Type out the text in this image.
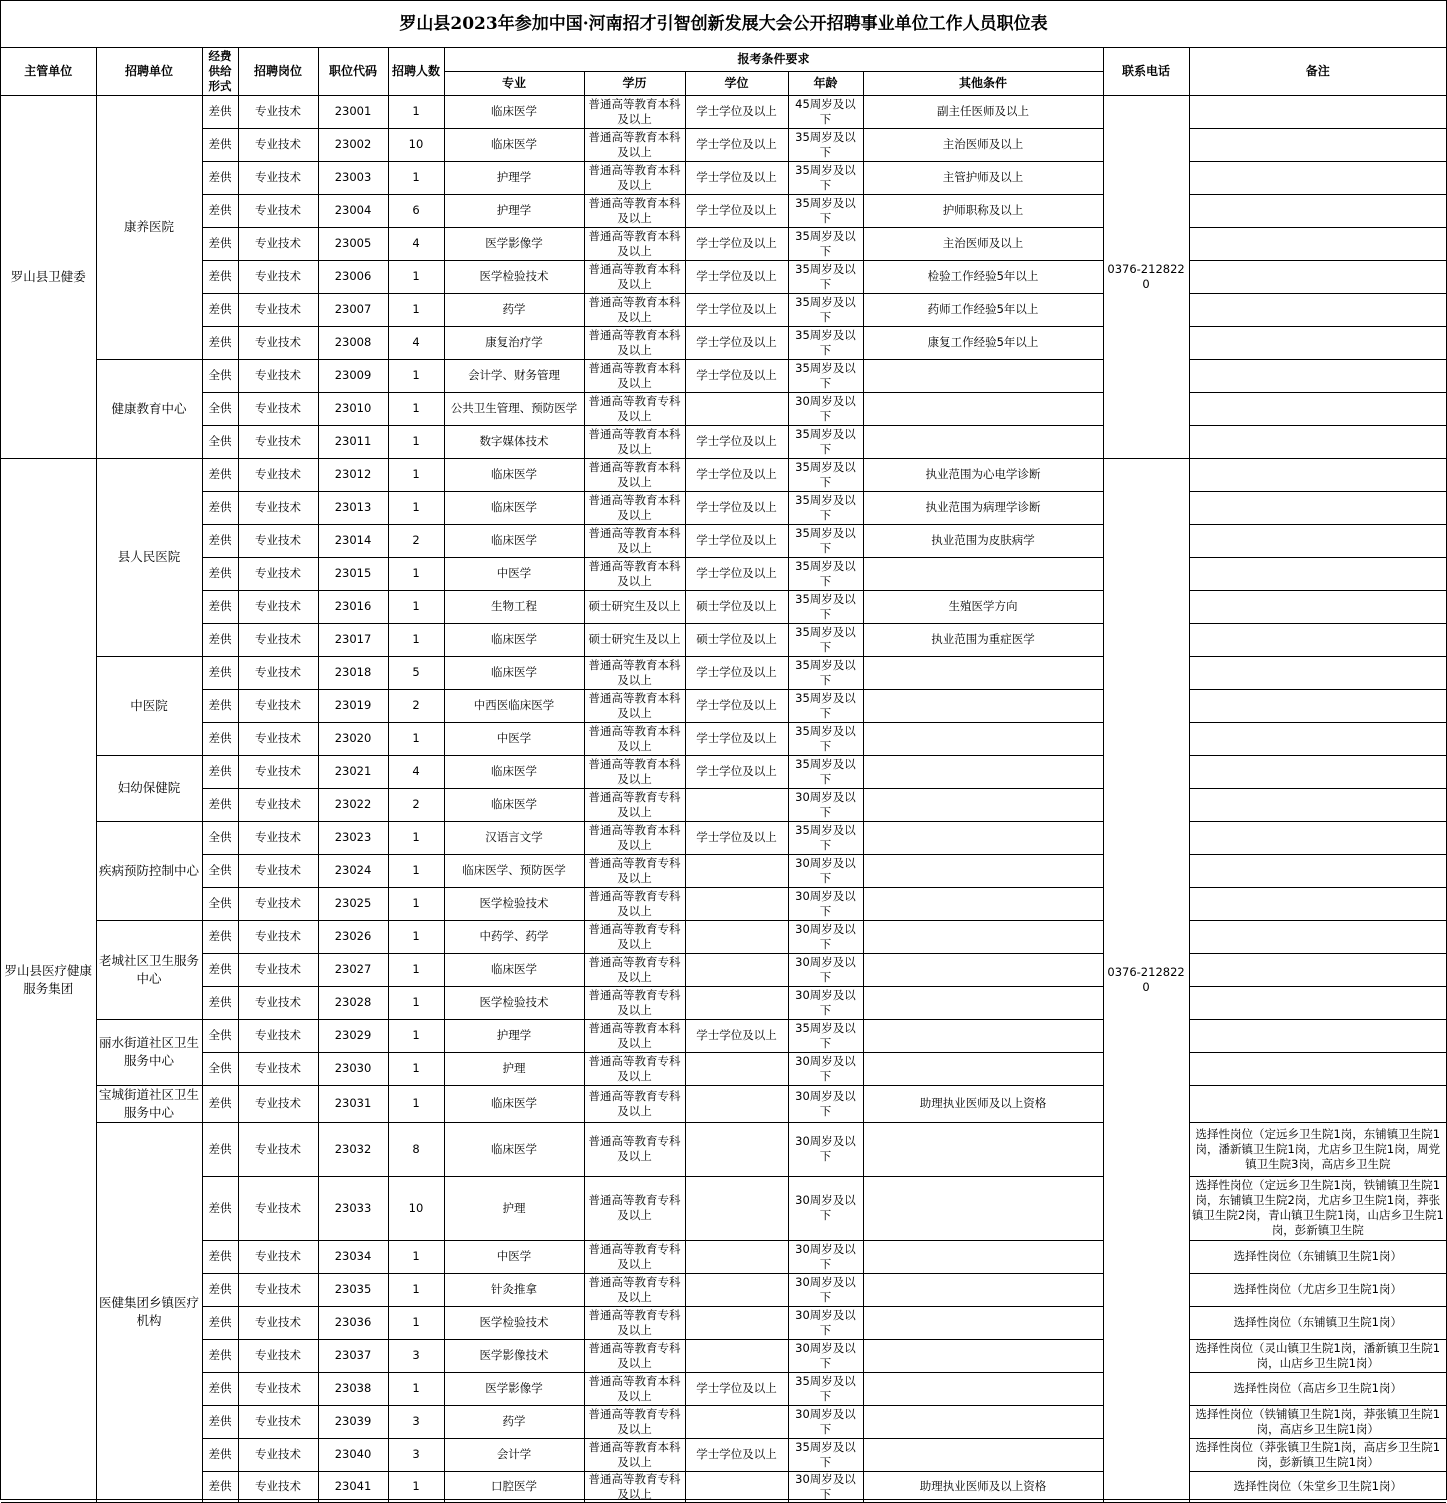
罗山县2023年参加中国·河南招才引智创新发展大会公开招聘事业单位工作人员职位表
主管单位	招聘单位	经费供给形式	招聘岗位	职位代码	招聘人数	报考条件要求					联系电话	备注
						专业	学历	学位	年龄	其他条件		
罗山县卫健委	康养医院	差供	专业技术	23001	1	临床医学	普通高等教育本科及以上	学士学位及以上	45周岁及以下	副主任医师及以上	0376-2128220	
		差供	专业技术	23002	10	临床医学	普通高等教育本科及以上	学士学位及以上	35周岁及以下	主治医师及以上		
		差供	专业技术	23003	1	护理学	普通高等教育本科及以上	学士学位及以上	35周岁及以下	主管护师及以上		
		差供	专业技术	23004	6	护理学	普通高等教育本科及以上	学士学位及以上	35周岁及以下	护师职称及以上		
		差供	专业技术	23005	4	医学影像学	普通高等教育本科及以上	学士学位及以上	35周岁及以下	主治医师及以上		
		差供	专业技术	23006	1	医学检验技术	普通高等教育本科及以上	学士学位及以上	35周岁及以下	检验工作经验5年以上		
		差供	专业技术	23007	1	药学	普通高等教育本科及以上	学士学位及以上	35周岁及以下	药师工作经验5年以上		
		差供	专业技术	23008	4	康复治疗学	普通高等教育本科及以上	学士学位及以上	35周岁及以下	康复工作经验5年以上		
	健康教育中心	全供	专业技术	23009	1	会计学、财务管理	普通高等教育本科及以上	学士学位及以上	35周岁及以下			
		全供	专业技术	23010	1	公共卫生管理、预防医学	普通高等教育专科及以上		30周岁及以下			
		全供	专业技术	23011	1	数字媒体技术	普通高等教育本科及以上	学士学位及以上	35周岁及以下			
罗山县医疗健康服务集团	县人民医院	差供	专业技术	23012	1	临床医学	普通高等教育本科及以上	学士学位及以上	35周岁及以下	执业范围为心电学诊断	0376-2128220	
		差供	专业技术	23013	1	临床医学	普通高等教育本科及以上	学士学位及以上	35周岁及以下	执业范围为病理学诊断		
		差供	专业技术	23014	2	临床医学	普通高等教育本科及以上	学士学位及以上	35周岁及以下	执业范围为皮肤病学		
		差供	专业技术	23015	1	中医学	普通高等教育本科及以上	学士学位及以上	35周岁及以下			
		差供	专业技术	23016	1	生物工程	硕士研究生及以上	硕士学位及以上	35周岁及以下	生殖医学方向		
		差供	专业技术	23017	1	临床医学	硕士研究生及以上	硕士学位及以上	35周岁及以下	执业范围为重症医学		
	中医院	差供	专业技术	23018	5	临床医学	普通高等教育本科及以上	学士学位及以上	35周岁及以下			
		差供	专业技术	23019	2	中西医临床医学	普通高等教育本科及以上	学士学位及以上	35周岁及以下			
		差供	专业技术	23020	1	中医学	普通高等教育本科及以上	学士学位及以上	35周岁及以下			
	妇幼保健院	差供	专业技术	23021	4	临床医学	普通高等教育本科及以上	学士学位及以上	35周岁及以下			
		差供	专业技术	23022	2	临床医学	普通高等教育专科及以上		30周岁及以下			
	疾病预防控制中心	全供	专业技术	23023	1	汉语言文学	普通高等教育本科及以上	学士学位及以上	35周岁及以下			
		全供	专业技术	23024	1	临床医学、预防医学	普通高等教育专科及以上		30周岁及以下			
		全供	专业技术	23025	1	医学检验技术	普通高等教育专科及以上		30周岁及以下			
	老城社区卫生服务中心	差供	专业技术	23026	1	中药学、药学	普通高等教育专科及以上		30周岁及以下			
		差供	专业技术	23027	1	临床医学	普通高等教育专科及以上		30周岁及以下			
		差供	专业技术	23028	1	医学检验技术	普通高等教育专科及以上		30周岁及以下			
	丽水街道社区卫生服务中心	全供	专业技术	23029	1	护理学	普通高等教育本科及以上	学士学位及以上	35周岁及以下			
		全供	专业技术	23030	1	护理	普通高等教育专科及以上		30周岁及以下			
	宝城街道社区卫生服务中心	差供	专业技术	23031	1	临床医学	普通高等教育专科及以上		30周岁及以下	助理执业医师及以上资格		
	医健集团乡镇医疗机构	差供	专业技术	23032	8	临床医学	普通高等教育专科及以上		30周岁及以下			选择性岗位（定远乡卫生院1岗，东铺镇卫生院1岗，潘新镇卫生院1岗，尤店乡卫生院1岗，周党镇卫生院3岗，高店乡卫生院
		差供	专业技术	23033	10	护理	普通高等教育专科及以上		30周岁及以下			选择性岗位（定远乡卫生院1岗，铁铺镇卫生院1岗，东铺镇卫生院2岗，尤店乡卫生院1岗，莽张镇卫生院2岗，青山镇卫生院1岗，山店乡卫生院1岗，彭新镇卫生院
		差供	专业技术	23034	1	中医学	普通高等教育专科及以上		30周岁及以下			选择性岗位（东铺镇卫生院1岗）
		差供	专业技术	23035	1	针灸推拿	普通高等教育专科及以上		30周岁及以下			选择性岗位（尤店乡卫生院1岗）
		差供	专业技术	23036	1	医学检验技术	普通高等教育专科及以上		30周岁及以下			选择性岗位（东铺镇卫生院1岗）
		差供	专业技术	23037	3	医学影像技术	普通高等教育专科及以上		30周岁及以下			选择性岗位（灵山镇卫生院1岗，潘新镇卫生院1岗，山店乡卫生院1岗）
		差供	专业技术	23038	1	医学影像学	普通高等教育本科及以上	学士学位及以上	35周岁及以下			选择性岗位（高店乡卫生院1岗）
		差供	专业技术	23039	3	药学	普通高等教育专科及以上		30周岁及以下			选择性岗位（铁铺镇卫生院1岗，莽张镇卫生院1岗，高店乡卫生院1岗）
		差供	专业技术	23040	3	会计学	普通高等教育本科及以上	学士学位及以上	35周岁及以下			选择性岗位（莽张镇卫生院1岗，高店乡卫生院1岗，彭新镇卫生院1岗）
		差供	专业技术	23041	1	口腔医学	普通高等教育专科及以上		30周岁及以下	助理执业医师及以上资格		选择性岗位（朱堂乡卫生院1岗）
